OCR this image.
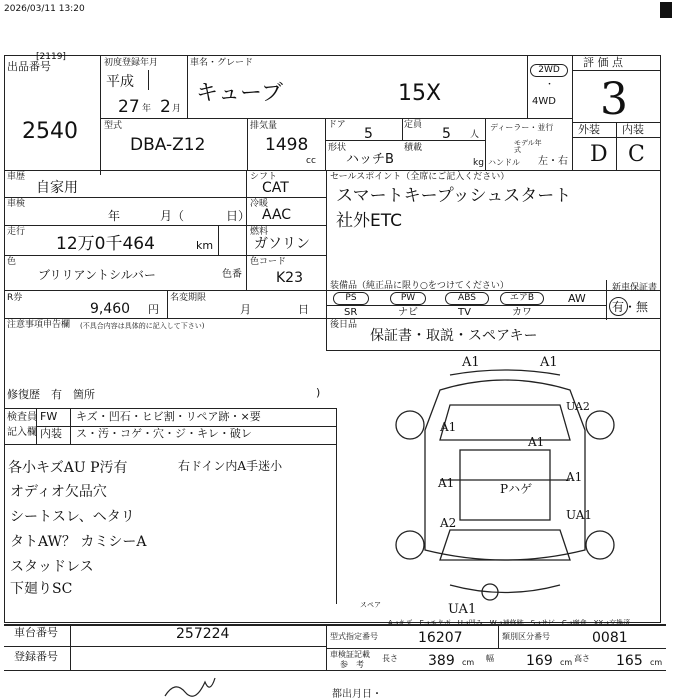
2026/03/11 13:20
[2119]
出品番号
2540
初度登録年月
平成
27 年 2 月
車名・グレード
キューブ	15X
2WD
・
4WD
評 価 点
3
外装 内装
D C
型式
DBA-Z12
排気量
1498
cc
ドア
5
定員
5 人
形状
ハッチB
積載
kg
ディーラー・並行
モデル年式
ハンドル 左・右
車歴
自家用
車検
年	月（	日）
走行
12万0千464	km
色
ブリリアントシルバー	色番
シフト
CAT
冷暖
AAC
燃料
ガソリン
色コード
K23
セールスポイント（全席にご記入ください）
スマートキープッシュスタート
社外ETC
R券
9,460 円
名変期限
月	日
装備品（純正品に限り○をつけてください）
PS	PW	ABS	エアB	AW
SR	ナビ	TV	カワ
新車保証書
有・無
注意事項申告欄 (不具合内容は具体的に記入して下さい)	後日品
保証書・取説・スペアキー
修復歴　有　箇所	)
検査員
記入欄
FW
内装
キズ・凹石・ヒビ割・リペア跡・×要
ス・汚・コゲ・穴・ジ・キレ・破レ
各小キズAU P汚有	右ドイン内A手迷小
オディオ欠品穴
シートスレ、ヘタリ
タトAW？ カミシーA
スタッドレス
下廻りSC
A1	A1
UA2
A1
A1	A1
Pハゲ
A1
A2
UA1
UA1
スペア
A→キズ　E→エクボ　U→凹み　W→補修跡　S→サビ　C→腐食　XX→交換済
車台番号	257224
登録番号
型式指定番号	16207	類別区分番号	0081
車検証記載
参　考
長さ 389 cm 幅 169 cm 高さ 165 cm
都出月日・　
